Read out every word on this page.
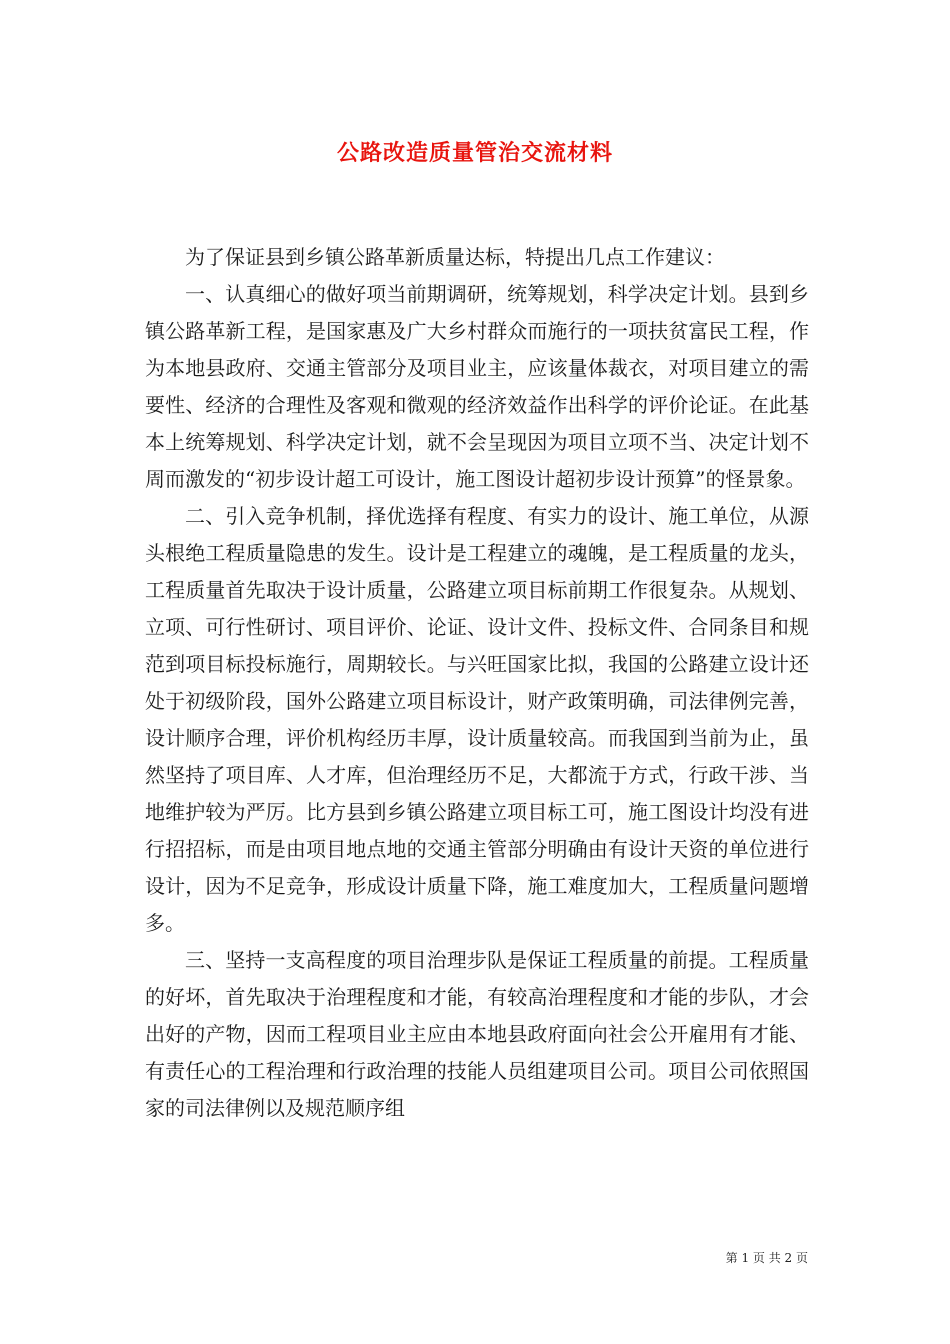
公路改造质量管治交流材料

为了保证县到乡镇公路革新质量达标，特提出几点工作建议：

一、认真细心的做好项当前期调研，统筹规划，科学决定计划。县到乡镇公路革新工程，是国家惠及广大乡村群众而施行的一项扶贫富民工程，作为本地县政府、交通主管部分及项目业主，应该量体裁衣，对项目建立的需要性、经济的合理性及客观和微观的经济效益作出科学的评价论证。在此基本上统筹规划、科学决定计划，就不会呈现因为项目立项不当、决定计划不周而激发的“初步设计超工可设计，施工图设计超初步设计预算”的怪景象。

二、引入竞争机制，择优选择有程度、有实力的设计、施工单位，从源头根绝工程质量隐患的发生。设计是工程建立的魂魄，是工程质量的龙头，工程质量首先取决于设计质量，公路建立项目标前期工作很复杂。从规划、立项、可行性研讨、项目评价、论证、设计文件、投标文件、合同条目和规范到项目标投标施行，周期较长。与兴旺国家比拟，我国的公路建立设计还处于初级阶段，国外公路建立项目标设计，财产政策明确，司法律例完善，设计顺序合理，评价机构经历丰厚，设计质量较高。而我国到当前为止，虽然坚持了项目库、人才库，但治理经历不足，大都流于方式，行政干涉、当地维护较为严厉。比方县到乡镇公路建立项目标工可，施工图设计均没有进行招招标，而是由项目地点地的交通主管部分明确由有设计天资的单位进行设计，因为不足竞争，形成设计质量下降，施工难度加大，工程质量问题增多。

三、坚持一支高程度的项目治理步队是保证工程质量的前提。工程质量的好坏，首先取决于治理程度和才能，有较高治理程度和才能的步队，才会出好的产物，因而工程项目业主应由本地县政府面向社会公开雇用有才能、有责任心的工程治理和行政治理的技能人员组建项目公司。项目公司依照国家的司法律例以及规范顺序组

第 1 页 共 2 页
